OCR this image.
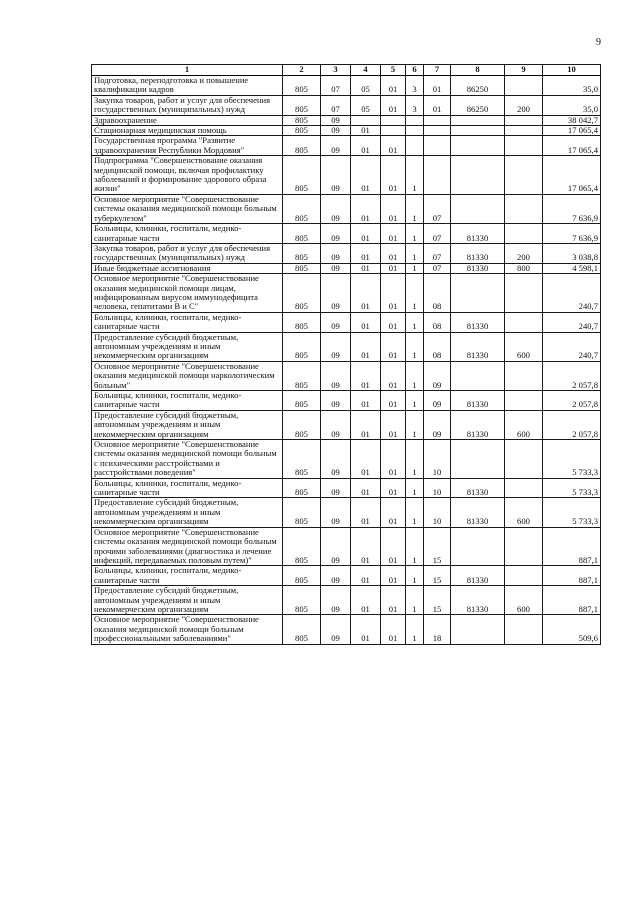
9
1	2	3	4	5	6	7	8	9	10
Подготовка, переподготовка и повышение квалификации кадров	805	07	05	01	3	01	86250		35,0
Закупка товаров, работ и услуг для обеспечения государственных (муниципальных) нужд	805	07	05	01	3	01	86250	200	35,0
Здравоохранение	805	09							38 042,7
Стационарная медицинская помощь	805	09	01						17 065,4
Государственная программа "Развитие здравоохранения Республики Мордовия"	805	09	01	01					17 065,4
Подпрограмма "Совершенствование оказания медицинской помощи, включая профилактику заболеваний и формирование здорового образа жизни"	805	09	01	01	1				17 065,4
Основное мероприятие "Совершенствование системы оказания медицинской помощи больным туберкулезом"	805	09	01	01	1	07			7 636,9
Больницы, клиники, госпитали, медико-санитарные части	805	09	01	01	1	07	81330		7 636,9
Закупка товаров, работ и услуг для обеспечения государственных (муниципальных) нужд	805	09	01	01	1	07	81330	200	3 038,8
Иные бюджетные ассигнования	805	09	01	01	1	07	81330	800	4 598,1
Основное мероприятие "Совершенствование оказания медицинской помощи лицам, инфицированным вирусом иммунодефицита человека, гепатитами В и С"	805	09	01	01	1	08			240,7
Больницы, клиники, госпитали, медико-санитарные части	805	09	01	01	1	08	81330		240,7
Предоставление субсидий бюджетным, автономным учреждениям и иным некоммерческим организациям	805	09	01	01	1	08	81330	600	240,7
Основное мероприятие "Совершенствование оказания медицинской помощи наркологическим больным"	805	09	01	01	1	09			2 057,8
Больницы, клиники, госпитали, медико-санитарные части	805	09	01	01	1	09	81330		2 057,8
Предоставление субсидий бюджетным, автономным учреждениям и иным некоммерческим организациям	805	09	01	01	1	09	81330	600	2 057,8
Основное мероприятие "Совершенствование системы оказания медицинской помощи больным с психическими расстройствами и расстройствами поведения"	805	09	01	01	1	10			5 733,3
Больницы, клиники, госпитали, медико-санитарные части	805	09	01	01	1	10	81330		5 733,3
Предоставление субсидий бюджетным, автономным учреждениям и иным некоммерческим организациям	805	09	01	01	1	10	81330	600	5 733,3
Основное мероприятие "Совершенствование системы оказания медицинской помощи больным прочими заболеваниями (диагностика и лечение инфекций, передаваемых половым путем)"	805	09	01	01	1	15			887,1
Больницы, клиники, госпитали, медико-санитарные части	805	09	01	01	1	15	81330		887,1
Предоставление субсидий бюджетным, автономным учреждениям и иным некоммерческим организациям	805	09	01	01	1	15	81330	600	887,1
Основное мероприятие "Совершенствование оказания медицинской помощи больным профессиональными заболеваниями"	805	09	01	01	1	18			509,6
